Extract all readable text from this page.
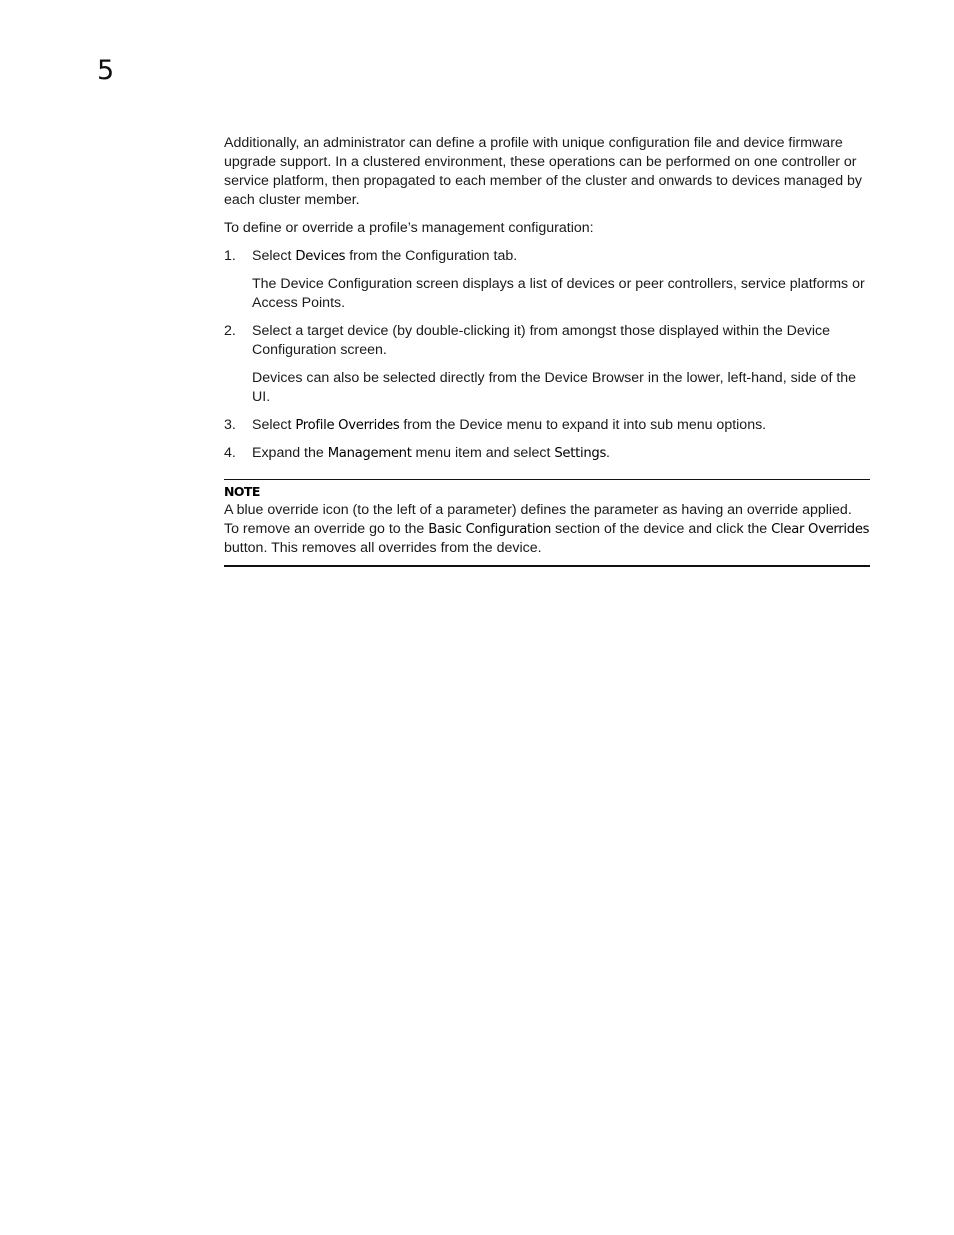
5

Additionally, an administrator can define a profile with unique configuration file and device firmware upgrade support. In a clustered environment, these operations can be performed on one controller or service platform, then propagated to each member of the cluster and onwards to devices managed by each cluster member.

To define or override a profile’s management configuration:

1. Select Devices from the Configuration tab.

The Device Configuration screen displays a list of devices or peer controllers, service platforms or Access Points.

2. Select a target device (by double-clicking it) from amongst those displayed within the Device Configuration screen.

Devices can also be selected directly from the Device Browser in the lower, left-hand, side of the UI.

3. Select Profile Overrides from the Device menu to expand it into sub menu options.

4. Expand the Management menu item and select Settings.

NOTE

A blue override icon (to the left of a parameter) defines the parameter as having an override applied. To remove an override go to the Basic Configuration section of the device and click the Clear Overrides button. This removes all overrides from the device.
